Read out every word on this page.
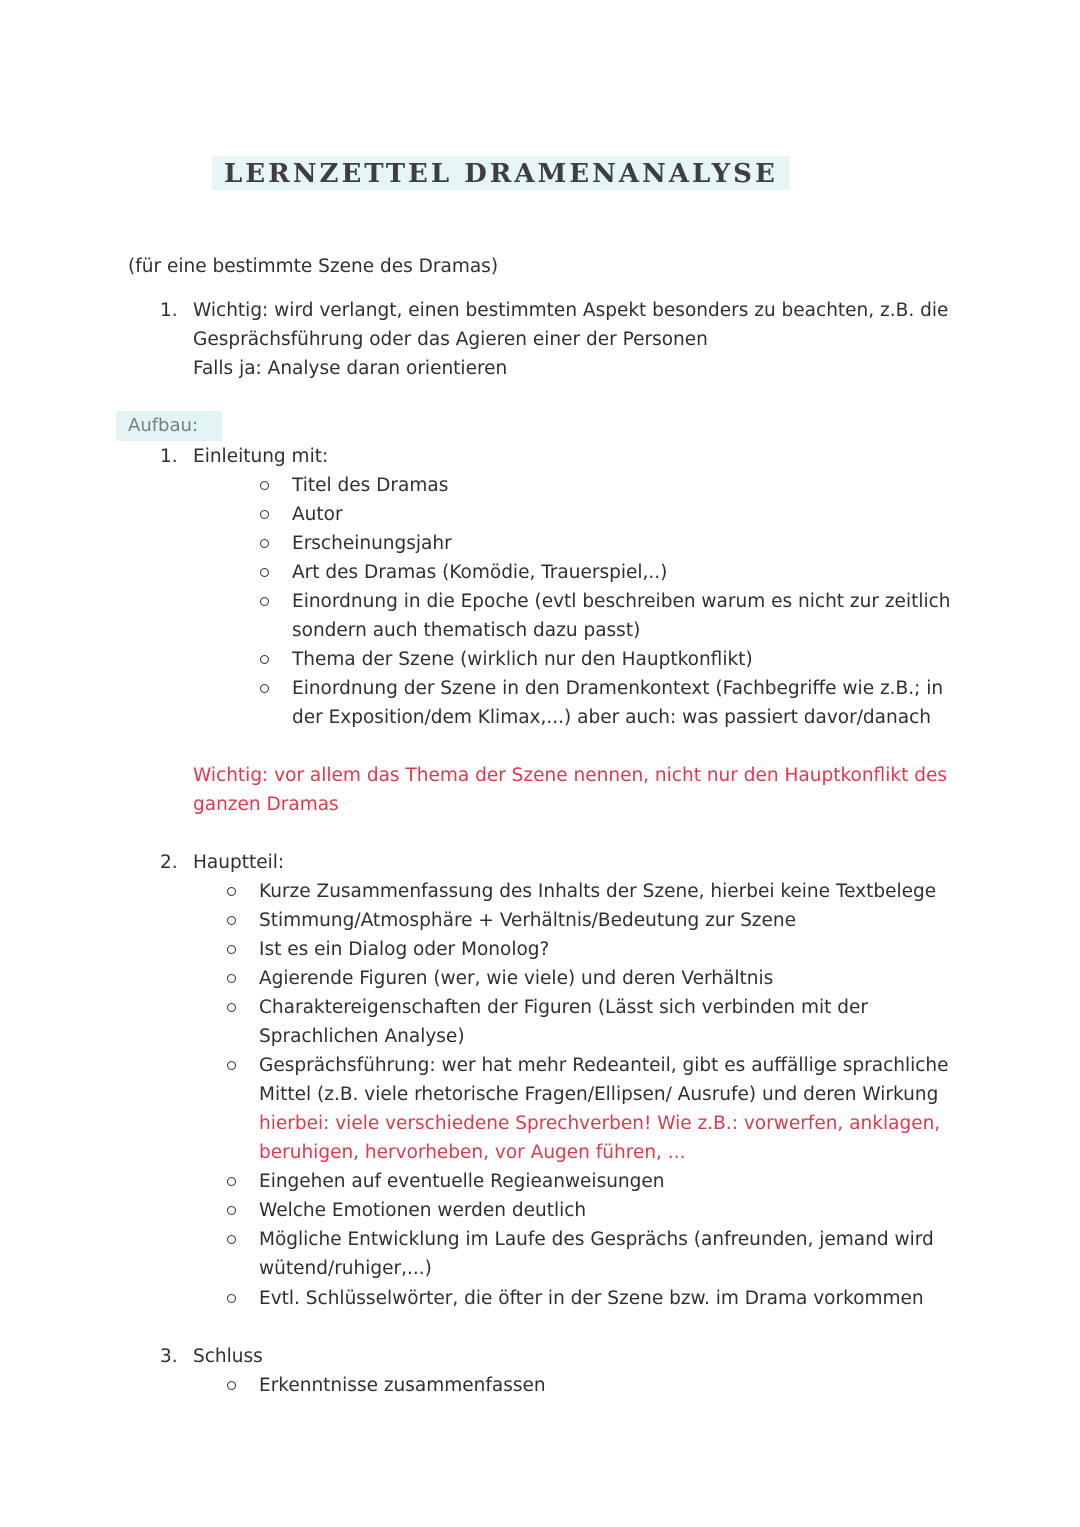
LERNZETTEL DRAMENANALYSE
(für eine bestimmte Szene des Dramas)
1. Wichtig: wird verlangt, einen bestimmten Aspekt besonders zu beachten, z.B. die
Gesprächsführung oder das Agieren einer der Personen
Falls ja: Analyse daran orientieren
Aufbau:
1. Einleitung mit:
Titel des Dramas
Autor
Erscheinungsjahr
Art des Dramas (Komödie, Trauerspiel,..)
Einordnung in die Epoche (evtl beschreiben warum es nicht zur zeitlich
sondern auch thematisch dazu passt)
Thema der Szene (wirklich nur den Hauptkonflikt)
Einordnung der Szene in den Dramenkontext (Fachbegriffe wie z.B.; in
der Exposition/dem Klimax,...) aber auch: was passiert davor/danach
Wichtig: vor allem das Thema der Szene nennen, nicht nur den Hauptkonflikt des
ganzen Dramas
2. Hauptteil:
Kurze Zusammenfassung des Inhalts der Szene, hierbei keine Textbelege
Stimmung/Atmosphäre + Verhältnis/Bedeutung zur Szene
Ist es ein Dialog oder Monolog?
Agierende Figuren (wer, wie viele) und deren Verhältnis
Charaktereigenschaften der Figuren (Lässt sich verbinden mit der
Sprachlichen Analyse)
Gesprächsführung: wer hat mehr Redeanteil, gibt es auffällige sprachliche
Mittel (z.B. viele rhetorische Fragen/Ellipsen/ Ausrufe) und deren Wirkung
hierbei: viele verschiedene Sprechverben! Wie z.B.: vorwerfen, anklagen,
beruhigen, hervorheben, vor Augen führen, ...
Eingehen auf eventuelle Regieanweisungen
Welche Emotionen werden deutlich
Mögliche Entwicklung im Laufe des Gesprächs (anfreunden, jemand wird
wütend/ruhiger,...)
Evtl. Schlüsselwörter, die öfter in der Szene bzw. im Drama vorkommen
3. Schluss
Erkenntnisse zusammenfassen
